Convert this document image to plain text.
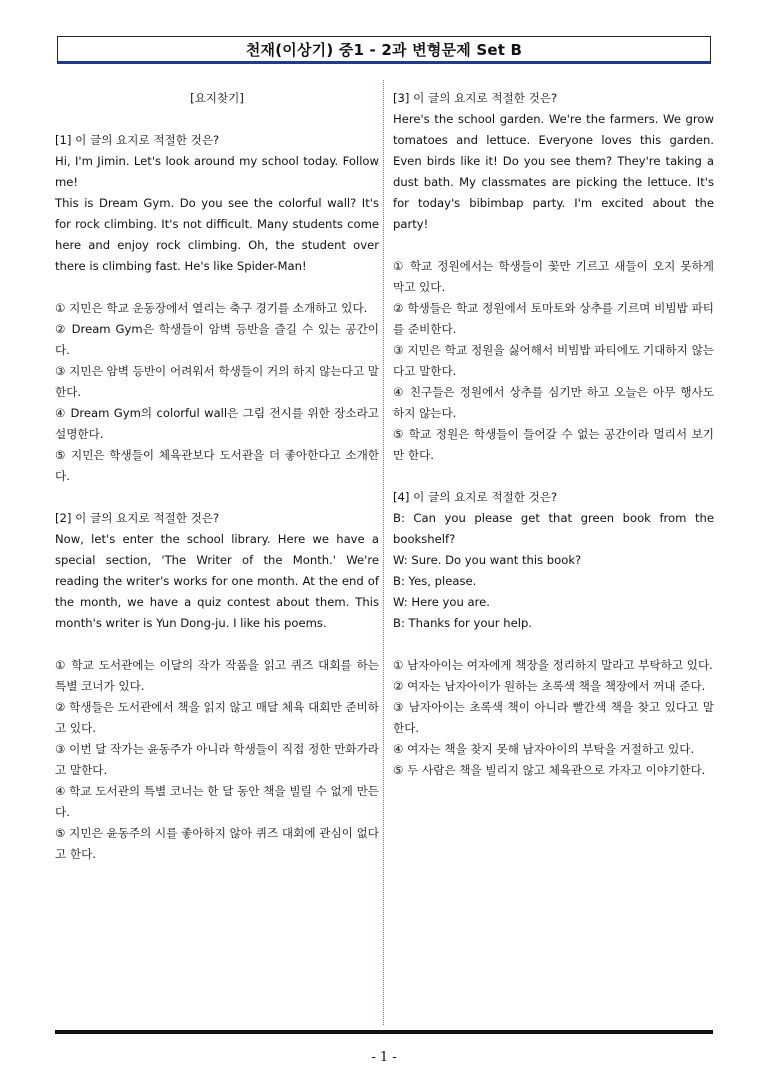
천재(이상기) 중1 - 2과 변형문제 Set B
[요지찾기]
[1] 이 글의 요지로 적절한 것은?
Hi, I'm Jimin. Let's look around my school today. Follow me!
This is Dream Gym. Do you see the colorful wall? It's for rock climbing. It's not difficult. Many students come here and enjoy rock climbing. Oh, the student over there is climbing fast. He's like Spider-Man!
① 지민은 학교 운동장에서 열리는 축구 경기를 소개하고 있다.
② Dream Gym은 학생들이 암벽 등반을 즐길 수 있는 공간이다.
③ 지민은 암벽 등반이 어려워서 학생들이 거의 하지 않는다고 말한다.
④ Dream Gym의 colorful wall은 그림 전시를 위한 장소라고 설명한다.
⑤ 지민은 학생들이 체육관보다 도서관을 더 좋아한다고 소개한다.
[2] 이 글의 요지로 적절한 것은?
Now, let's enter the school library. Here we have a special section, 'The Writer of the Month.' We're reading the writer's works for one month. At the end of the month, we have a quiz contest about them. This month's writer is Yun Dong-ju. I like his poems.
① 학교 도서관에는 이달의 작가 작품을 읽고 퀴즈 대회를 하는 특별 코너가 있다.
② 학생들은 도서관에서 책을 읽지 않고 매달 체육 대회만 준비하고 있다.
③ 이번 달 작가는 윤동주가 아니라 학생들이 직접 정한 만화가라고 말한다.
④ 학교 도서관의 특별 코너는 한 달 동안 책을 빌릴 수 없게 만든다.
⑤ 지민은 윤동주의 시를 좋아하지 않아 퀴즈 대회에 관심이 없다고 한다.
[3] 이 글의 요지로 적절한 것은?
Here's the school garden. We're the farmers. We grow tomatoes and lettuce. Everyone loves this garden. Even birds like it! Do you see them? They're taking a dust bath. My classmates are picking the lettuce. It's for today's bibimbap party. I'm excited about the party!
① 학교 정원에서는 학생들이 꽃만 기르고 새들이 오지 못하게 막고 있다.
② 학생들은 학교 정원에서 토마토와 상추를 기르며 비빔밥 파티를 준비한다.
③ 지민은 학교 정원을 싫어해서 비빔밥 파티에도 기대하지 않는다고 말한다.
④ 친구들은 정원에서 상추를 심기만 하고 오늘은 아무 행사도 하지 않는다.
⑤ 학교 정원은 학생들이 들어갈 수 없는 공간이라 멀리서 보기만 한다.
[4] 이 글의 요지로 적절한 것은?
B: Can you please get that green book from the bookshelf?
W: Sure. Do you want this book?
B: Yes, please.
W: Here you are.
B: Thanks for your help.
① 남자아이는 여자에게 책장을 정리하지 말라고 부탁하고 있다.
② 여자는 남자아이가 원하는 초록색 책을 책장에서 꺼내 준다.
③ 남자아이는 초록색 책이 아니라 빨간색 책을 찾고 있다고 말한다.
④ 여자는 책을 찾지 못해 남자아이의 부탁을 거절하고 있다.
⑤ 두 사람은 책을 빌리지 않고 체육관으로 가자고 이야기한다.
- 1 -
